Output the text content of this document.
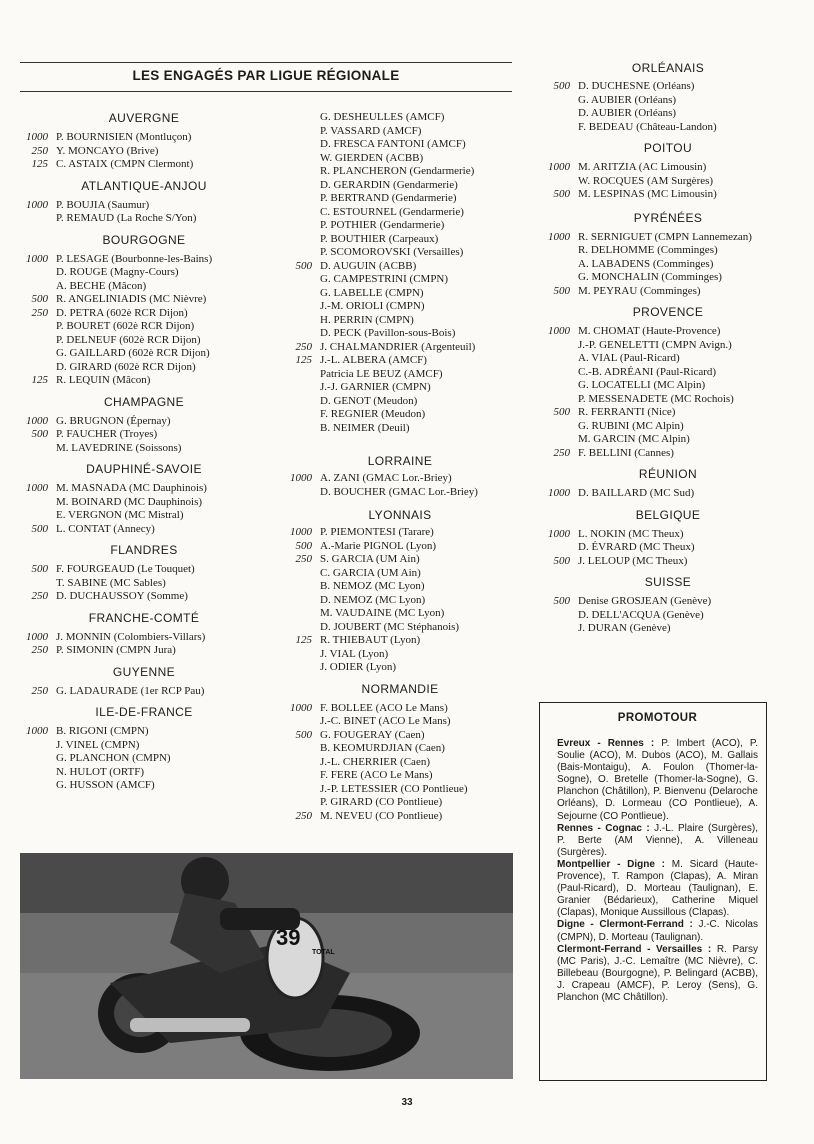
LES ENGAGÉS PAR LIGUE RÉGIONALE

AUVERGNE

1000 P. BOURNISIEN (Montluçon)
250 Y. MONCAYO (Brive)
125 C. ASTAIX (CMPN Clermont)

ATLANTIQUE-ANJOU

1000 P. BOUJIA (Saumur)
P. REMAUD (La Roche S/Yon)

BOURGOGNE

1000 P. LESAGE (Bourbonne-les-Bains)
D. ROUGE (Magny-Cours)
A. BECHE (Mâcon)
500 R. ANGELINIADIS (MC Nièvre)
250 D. PETRA (602è RCR Dijon)
P. BOURET (602è RCR Dijon)
P. DELNEUF (602è RCR Dijon)
G. GAILLARD (602è RCR Dijon)
D. GIRARD (602è RCR Dijon)
125 R. LEQUIN (Mâcon)

CHAMPAGNE

1000 G. BRUGNON (Épernay)
500 P. FAUCHER (Troyes)
M. LAVEDRINE (Soissons)

DAUPHINÉ-SAVOIE

1000 M. MASNADA (MC Dauphinois)
M. BOINARD (MC Dauphinois)
E. VERGNON (MC Mistral)
500 L. CONTAT (Annecy)

FLANDRES

500 F. FOURGEAUD (Le Touquet)
T. SABINE (MC Sables)
250 D. DUCHAUSSOY (Somme)

FRANCHE-COMTÉ

1000 J. MONNIN (Colombiers-Villars)
250 P. SIMONIN (CMPN Jura)

GUYENNE

250 G. LADAURADE (1er RCP Pau)

ILE-DE-FRANCE

1000 B. RIGONI (CMPN)
J. VINEL (CMPN)
G. PLANCHON (CMPN)
N. HULOT (ORTF)
G. HUSSON (AMCF)
G. DESHEULLES (AMCF)
P. VASSARD (AMCF)
D. FRESCA FANTONI (AMCF)
W. GIERDEN (ACBB)
R. PLANCHERON (Gendarmerie)
D. GERARDIN (Gendarmerie)
P. BERTRAND (Gendarmerie)
C. ESTOURNEL (Gendarmerie)
P. POTHIER (Gendarmerie)
P. BOUTHIER (Carpeaux)
P. SCOMOROVSKI (Versailles)
500 D. AUGUIN (ACBB)
G. CAMPESTRINI (CMPN)
G. LABELLE (CMPN)
J.-M. ORIOLI (CMPN)
H. PERRIN (CMPN)
D. PECK (Pavillon-sous-Bois)
250 J. CHALMANDRIER (Argenteuil)
125 J.-L. ALBERA (AMCF)
Patricia LE BEUZ (AMCF)
J.-J. GARNIER (CMPN)
D. GENOT (Meudon)
F. REGNIER (Meudon)
B. NEIMER (Deuil)

LORRAINE

1000 A. ZANI (GMAC Lor.-Briey)
D. BOUCHER (GMAC Lor.-Briey)

LYONNAIS

1000 P. PIEMONTESI (Tarare)
500 A.-Marie PIGNOL (Lyon)
250 S. GARCIA (UM Ain)
C. GARCIA (UM Ain)
B. NEMOZ (MC Lyon)
D. NEMOZ (MC Lyon)
M. VAUDAINE (MC Lyon)
D. JOUBERT (MC Stéphanois)
125 R. THIEBAUT (Lyon)
J. VIAL (Lyon)
J. ODIER (Lyon)

NORMANDIE

1000 F. BOLLEE (ACO Le Mans)
J.-C. BINET (ACO Le Mans)
500 G. FOUGERAY (Caen)
B. KEOMURDJIAN (Caen)
J.-L. CHERRIER (Caen)
F. FERE (ACO Le Mans)
J.-P. LETESSIER (CO Pontlieue)
P. GIRARD (CO Pontlieue)
250 M. NEVEU (CO Pontlieue)

ORLÉANAIS

500 D. DUCHESNE (Orléans)
G. AUBIER (Orléans)
D. AUBIER (Orléans)
F. BEDEAU (Château-Landon)

POITOU

1000 M. ARITZIA (AC Limousin)
W. ROCQUES (AM Surgères)
500 M. LESPINAS (MC Limousin)

PYRÉNÉES

1000 R. SERNIGUET (CMPN Lannemezan)
R. DELHOMME (Comminges)
A. LABADENS (Comminges)
G. MONCHALIN (Comminges)
500 M. PEYRAU (Comminges)

PROVENCE

1000 M. CHOMAT (Haute-Provence)
J.-P. GENELETTI (CMPN Avign.)
A. VIAL (Paul-Ricard)
C.-B. ADRÉANI (Paul-Ricard)
G. LOCATELLI (MC Alpin)
P. MESSENADETE (MC Rochois)
500 R. FERRANTI (Nice)
G. RUBINI (MC Alpin)
M. GARCIN (MC Alpin)
250 F. BELLINI (Cannes)

RÉUNION

1000 D. BAILLARD (MC Sud)

BELGIQUE

1000 L. NOKIN (MC Theux)
D. ÉVRARD (MC Theux)
500 J. LELOUP (MC Theux)

SUISSE

500 Denise GROSJEAN (Genève)
D. DELL'ACQUA (Genève)
J. DURAN (Genève)
39
TOTAL
PROMOTOUR

Evreux - Rennes : P. Imbert (ACO), P. Soulie (ACO), M. Dubos (ACO), M. Gallais (Bais-Montaigu), A. Foulon (Thomer-la-Sogne), O. Bretelle (Thomer-la-Sogne), G. Planchon (Châtillon), P. Bienvenu (Delaroche Orléans), D. Lormeau (CO Pontlieue), A. Sejourne (CO Pontlieue).

Rennes - Cognac : J.-L. Plaire (Surgères), P. Berte (AM Vienne), A. Villeneau (Surgères).

Montpellier - Digne : M. Sicard (Haute-Provence), T. Rampon (Clapas), A. Miran (Paul-Ricard), D. Morteau (Taulignan), E. Granier (Bédarieux), Catherine Miquel (Clapas), Monique Aussillous (Clapas).

Digne - Clermont-Ferrand : J.-C. Nicolas (CMPN), D. Morteau (Taulignan).

Clermont-Ferrand - Versailles : R. Parsy (MC Paris), J.-C. Lemaître (MC Nièvre), C. Billebeau (Bourgogne), P. Belingard (ACBB), J. Crapeau (AMCF), P. Leroy (Sens), G. Planchon (MC Châtillon).

33
